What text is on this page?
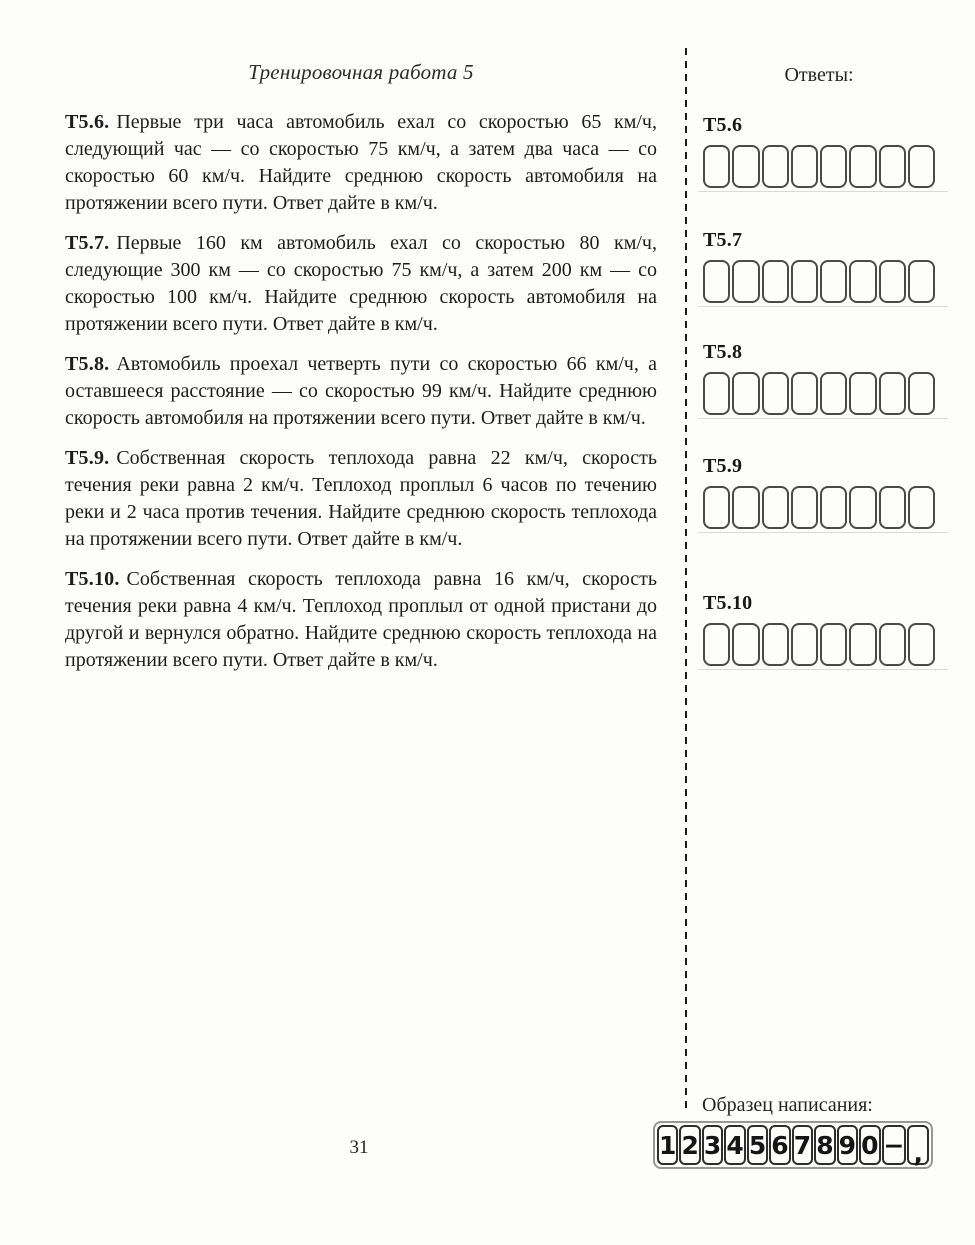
Тренировочная работа 5

Т5.6. Первые три часа автомобиль ехал со скоростью 65 км/ч, следующий час — со скоростью 75 км/ч, а затем два часа — со скоростью 60 км/ч. Найдите среднюю скорость автомобиля на протяжении всего пути. Ответ дайте в км/ч.

Т5.7. Первые 160 км автомобиль ехал со скоростью 80 км/ч, следующие 300 км — со скоростью 75 км/ч, а затем 200 км — со скоростью 100 км/ч. Найдите среднюю скорость автомобиля на протяжении всего пути. Ответ дайте в км/ч.

Т5.8. Автомобиль проехал четверть пути со скоростью 66 км/ч, а оставшееся расстояние — со скоростью 99 км/ч. Найдите среднюю скорость автомобиля на протяжении всего пути. Ответ дайте в км/ч.

Т5.9. Собственная скорость теплохода равна 22 км/ч, скорость течения реки равна 2 км/ч. Теплоход проплыл 6 часов по течению реки и 2 часа против течения. Найдите среднюю скорость теплохода на протяжении всего пути. Ответ дайте в км/ч.

Т5.10. Собственная скорость теплохода равна 16 км/ч, скорость течения реки равна 4 км/ч. Теплоход проплыл от одной пристани до другой и вернулся обратно. Найдите среднюю скорость теплохода на протяжении всего пути. Ответ дайте в км/ч.

Ответы:
Т5.6
Т5.7
Т5.8
Т5.9
Т5.10
Образец написания:
1 2 3 4 5 6 7 8 9 0 − ,
31
